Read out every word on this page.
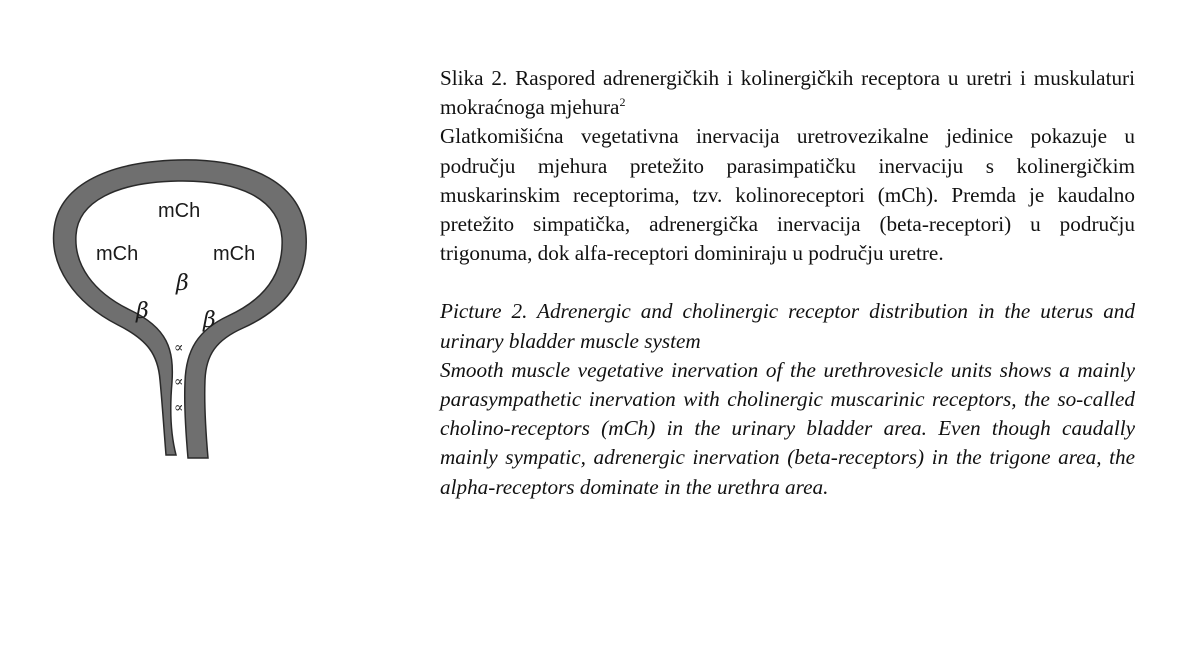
mCh
mCh	mCh
β
β β
∝
∝
∝

Slika 2. Raspored adrenergičkih i kolinergičkih receptora u uretri i muskulaturi mokraćnoga mjehura$^2$

Glatkomišićna vegetativna inervacija uretrovezikalne jedinice pokazuje u području mjehura pretežito parasimpatičku inervaciju s kolinergičkim muskarinskim receptorima, tzv. kolinoreceptori (mCh). Premda je kaudalno pretežito simpatička, adrenergička inervacija (beta-receptori) u području trigonuma, dok alfa-receptori dominiraju u području uretre.

Picture 2. Adrenergic and cholinergic receptor distribution in the uterus and urinary bladder muscle system

Smooth muscle vegetative inervation of the urethrovesicle units shows a mainly parasympathetic inervation with cholinergic muscarinic receptors, the so-called cholino-receptors (mCh) in the urinary bladder area. Even though caudally mainly sympatic, adrenergic inervation (beta-receptors) in the trigone area, the alpha-receptors dominate in the urethra area.
